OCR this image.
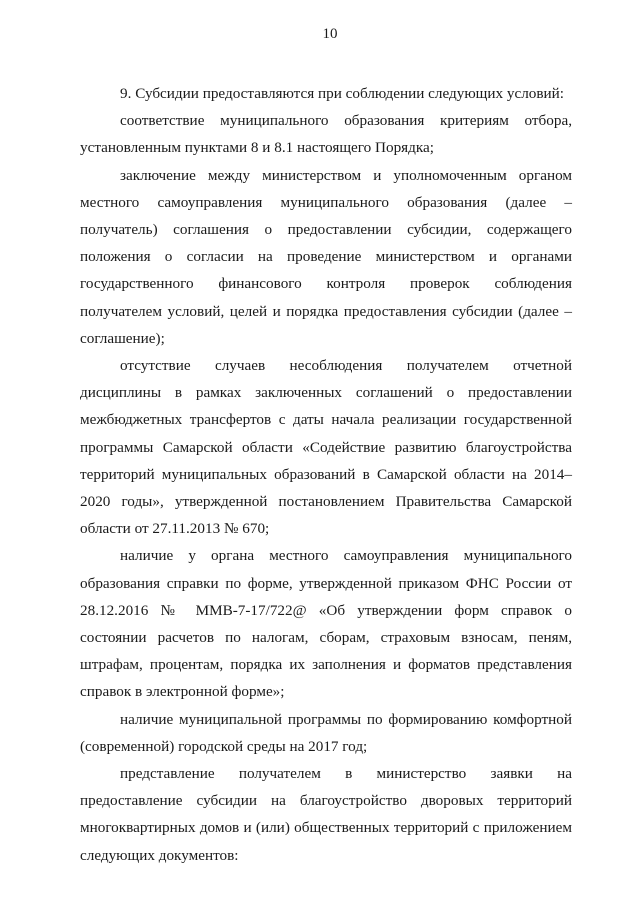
10

9. Субсидии предоставляются при соблюдении следующих условий:

соответствие муниципального образования критериям отбора, установленным пунктами 8 и 8.1 настоящего Порядка;

заключение между министерством и уполномоченным органом местного самоуправления муниципального образования (далее – получатель) соглашения о предоставлении субсидии, содержащего положения о согласии на проведение министерством и органами государственного финансового контроля проверок соблюдения получателем условий, целей и порядка предоставления субсидии (далее – соглашение);

отсутствие случаев несоблюдения получателем отчетной дисциплины в рамках заключенных соглашений о предоставлении межбюджетных трансфертов с даты начала реализации государственной программы Самарской области «Содействие развитию благоустройства территорий муниципальных образований в Самарской области на 2014–2020 годы», утвержденной постановлением Правительства Самарской области от 27.11.2013 № 670;

наличие у органа местного самоуправления муниципального образования справки по форме, утвержденной приказом ФНС России от 28.12.2016 № ММВ-7-17/722@ «Об утверждении форм справок о состоянии расчетов по налогам, сборам, страховым взносам, пеням, штрафам, процентам, порядка их заполнения и форматов представления справок в электронной форме»;

наличие муниципальной программы по формированию комфортной (современной) городской среды на 2017 год;

представление получателем в министерство заявки на предоставление субсидии на благоустройство дворовых территорий многоквартирных домов и (или) общественных территорий с приложением следующих документов:
